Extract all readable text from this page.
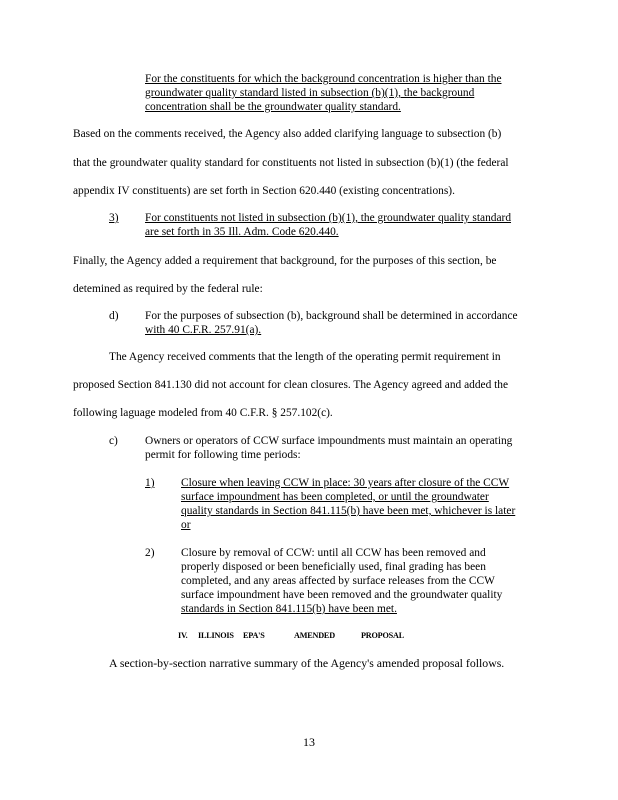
For the constituents for which the background concentration is higher than the
groundwater quality standard listed in subsection (b)(1), the background
concentration shall be the groundwater quality standard.
Based on the comments received, the Agency also added clarifying language to subsection (b)
that the groundwater quality standard for constituents not listed in subsection (b)(1) (the federal
appendix IV constituents) are set forth in Section 620.440 (existing concentrations).
3) For constituents not listed in subsection (b)(1), the groundwater quality standard
are set forth in 35 Ill. Adm. Code 620.440.
Finally, the Agency added a requirement that background, for the purposes of this section, be
detemined as required by the federal rule:
d) For the purposes of subsection (b), background shall be determined in accordance
with 40 C.F.R. 257.91(a).
The Agency received comments that the length of the operating permit requirement in
proposed Section 841.130 did not account for clean closures. The Agency agreed and added the
following laguage modeled from 40 C.F.R. § 257.102(c).
c) Owners or operators of CCW surface impoundments must maintain an operating
permit for following time periods:
1) Closure when leaving CCW in place: 30 years after closure of the CCW
surface impoundment has been completed, or until the groundwater
quality standards in Section 841.115(b) have been met, whichever is later
or
2) Closure by removal of CCW: until all CCW has been removed and
properly disposed or been beneficially used, final grading has been
completed, and any areas affected by surface releases from the CCW
surface impoundment have been removed and the groundwater quality
standards in Section 841.115(b) have been met.
IV. ILLINOIS EPA'S	AMENDED	PROPOSAL
A section-by-section narrative summary of the Agency's amended proposal follows.
13
